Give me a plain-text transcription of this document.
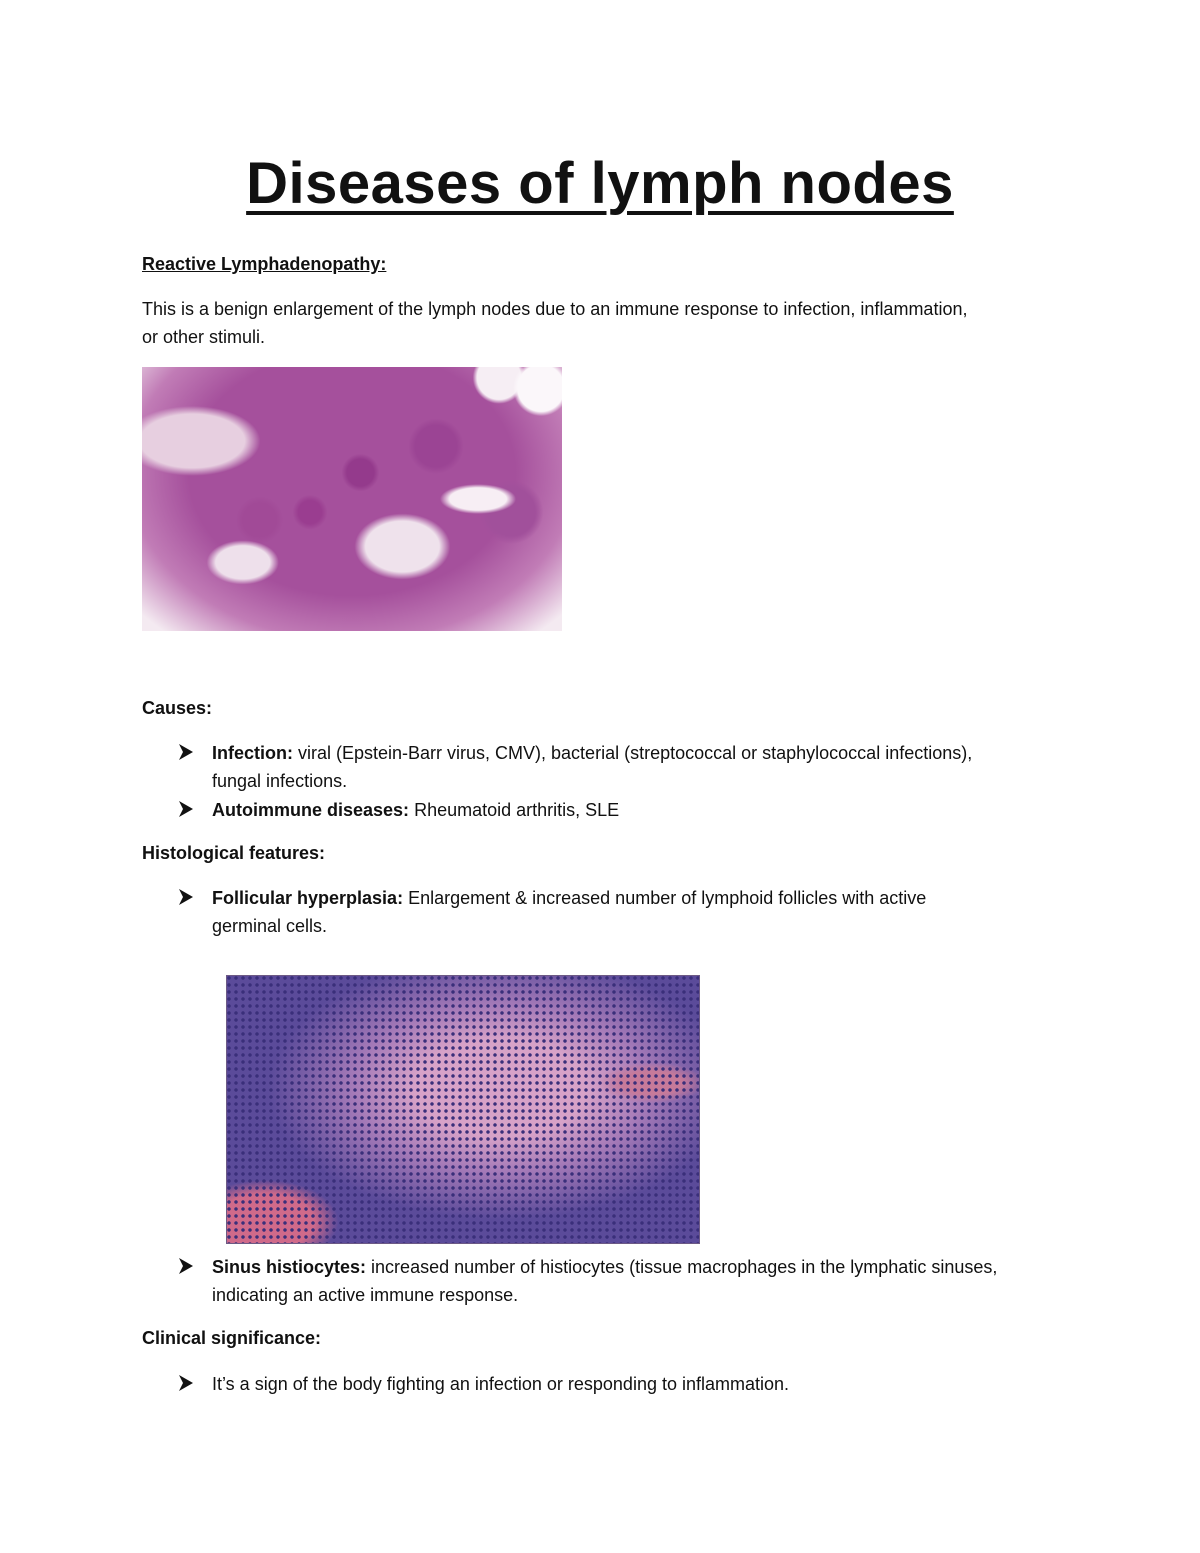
Diseases of lymph nodes
Reactive Lymphadenopathy:
This is a benign enlargement of the lymph nodes due to an immune response to infection, inflammation,
or other stimuli.
Causes:
Infection: viral (Epstein-Barr virus, CMV), bacterial (streptococcal or staphylococcal infections),
fungal infections.
Autoimmune diseases: Rheumatoid arthritis, SLE
Histological features:
Follicular hyperplasia: Enlargement & increased number of lymphoid follicles with active
germinal cells.
Sinus histiocytes: increased number of histiocytes (tissue macrophages in the lymphatic sinuses,
indicating an active immune response.
Clinical significance:
It’s a sign of the body fighting an infection or responding to inflammation.
